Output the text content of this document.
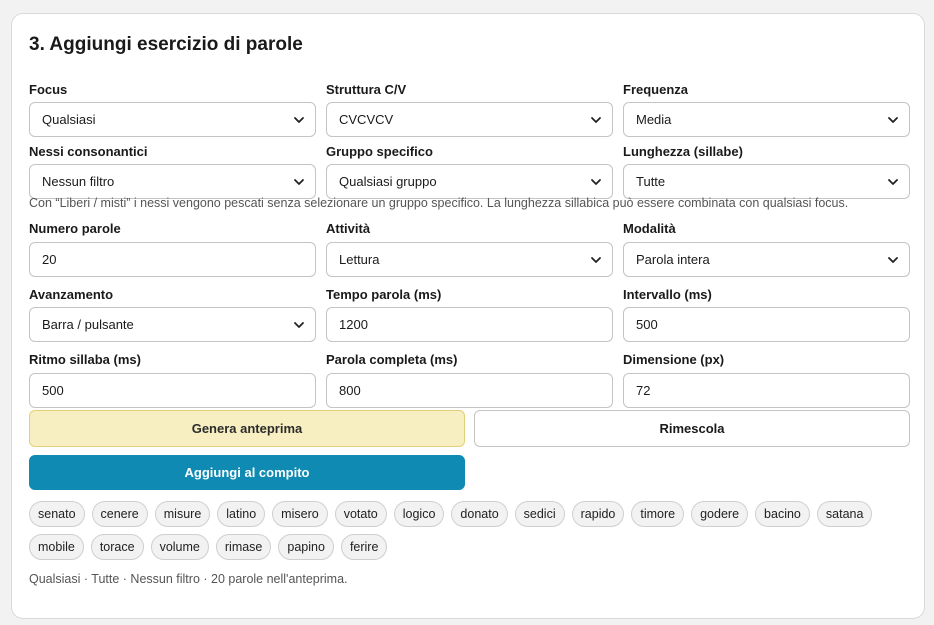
3. Aggiungi esercizio di parole
Focus
Qualsiasi
Struttura C/V
CVCVCV
Frequenza
Media
Nessi consonantici
Nessun filtro
Gruppo specifico
Qualsiasi gruppo
Lunghezza (sillabe)
Tutte
Con “Liberi / misti” i nessi vengono pescati senza selezionare un gruppo specifico. La lunghezza sillabica può essere combinata con qualsiasi focus.
Numero parole
20
Attività
Lettura
Modalità
Parola intera
Avanzamento
Barra / pulsante
Tempo parola (ms)
1200
Intervallo (ms)
500
Ritmo sillaba (ms)
500
Parola completa (ms)
800
Dimensione (px)
72
Genera anteprima	Rimescola
Aggiungi al compito
senato	cenere	misure	latino	misero	votato	logico	donato	sedici	rapido	timore	godere	bacino	satana
mobile	torace	volume	rimase	papino	ferire
Qualsiasi · Tutte · Nessun filtro · 20 parole nell'anteprima.
